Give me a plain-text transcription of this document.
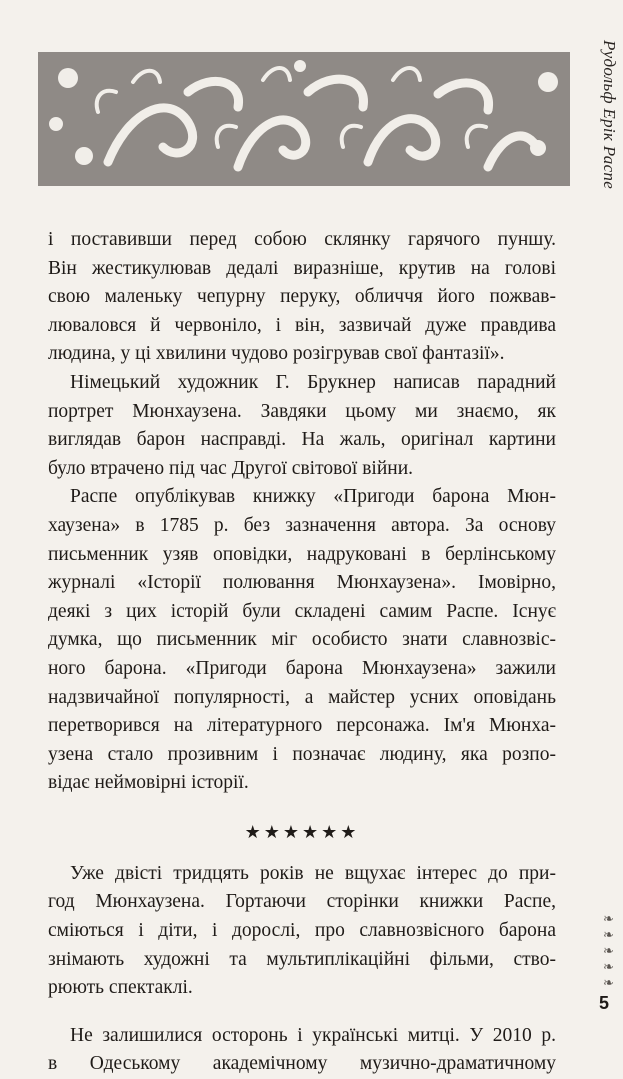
Рудольф Ерік Распе
❧❧❧❧❧
і поставивши перед собою склянку гарячого пуншу.
Він жестикулював дедалі виразніше, крутив на голові
свою маленьку чепурну перуку, обличчя його пожвав-
люваловся й червоніло, і він, зазвичай дуже правдива
людина, у ці хвилини чудово розігрував свої фантазії».
Німецький художник Г. Брукнер написав парадний
портрет Мюнхаузена. Завдяки цьому ми знаємо, як
виглядав барон насправді. На жаль, оригінал картини
було втрачено під час Другої світової війни.
Распе опублікував книжку «Пригоди барона Мюн-
хаузена» в 1785 р. без зазначення автора. За основу
письменник узяв оповідки, надруковані в берлінському
журналі «Історії полювання Мюнхаузена». Імовірно,
деякі з цих історій були складені самим Распе. Існує
думка, що письменник міг особисто знати славнозвіс-
ного барона. «Пригоди барона Мюнхаузена» зажили
надзвичайної популярності, а майстер усних оповідань
перетворився на літературного персонажа. Ім'я Мюнха-
узена стало прозивним і позначає людину, яка розпо-
відає неймовірні історії.
★★★★★★
Уже двісті тридцять років не вщухає інтерес до при-
год Мюнхаузена. Гортаючи сторінки книжки Распе,
сміються і діти, і дорослі, про славнозвісного барона
знімають художні та мультиплікаційні фільми, ство-
рюють спектаклі.
Не залишилися осторонь і українські митці. У 2010 р.
в Одеському академічному музично-драматичному
5
